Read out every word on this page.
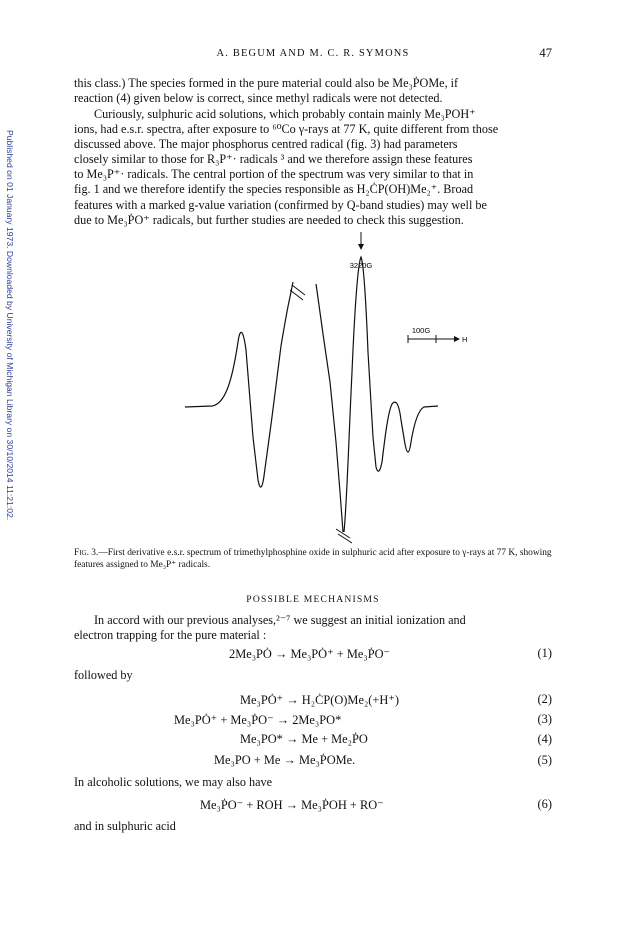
Published on 01 January 1973. Downloaded by University of Michigan Library on 30/10/2014 11:21:02.
A. BEGUM AND M. C. R. SYMONS	47
this class.) The species formed in the pure material could also be Me₃ṖOMe, if
reaction (4) given below is correct, since methyl radicals were not detected.
Curiously, sulphuric acid solutions, which probably contain mainly Me₃POH⁺
ions, had e.s.r. spectra, after exposure to ⁶⁰Co γ-rays at 77 K, quite different from those
discussed above. The major phosphorus centred radical (fig. 3) had parameters
closely similar to those for R₃P⁺· radicals ³ and we therefore assign these features
to Me₃P⁺· radicals. The central portion of the spectrum was very similar to that in
fig. 1 and we therefore identify the species responsible as H₂ĊP(OH)Me₂⁺. Broad
features with a marked g-value variation (confirmed by Q-band studies) may well be
due to Me₃ṖO⁺ radicals, but further studies are needed to check this suggestion.
3220G
100G
H
Fig. 3.—First derivative e.s.r. spectrum of trimethylphosphine oxide in sulphuric acid after exposure to γ-rays at 77 K, showing features assigned to Me₃P⁺ radicals.
POSSIBLE MECHANISMS
In accord with our previous analyses,²⁻⁷ we suggest an initial ionization and
electron trapping for the pure material :
2Me₃PȮ → Me₃PȮ⁺ + Me₃ṖO⁻	(1)
followed by
Me₃PȮ⁺ → H₂ĊP(O)Me₂(+H⁺)	(2)
Me₃PȮ⁺ + Me₃ṖO⁻ → 2Me₃PO*	(3)
Me₃PO* → Me + Me₂ṖO	(4)
Me₃PO + Me → Me₃ṖOMe.	(5)
In alcoholic solutions, we may also have
Me₃ṖO⁻ + ROH → Me₃ṖOH + RO⁻	(6)
and in sulphuric acid
